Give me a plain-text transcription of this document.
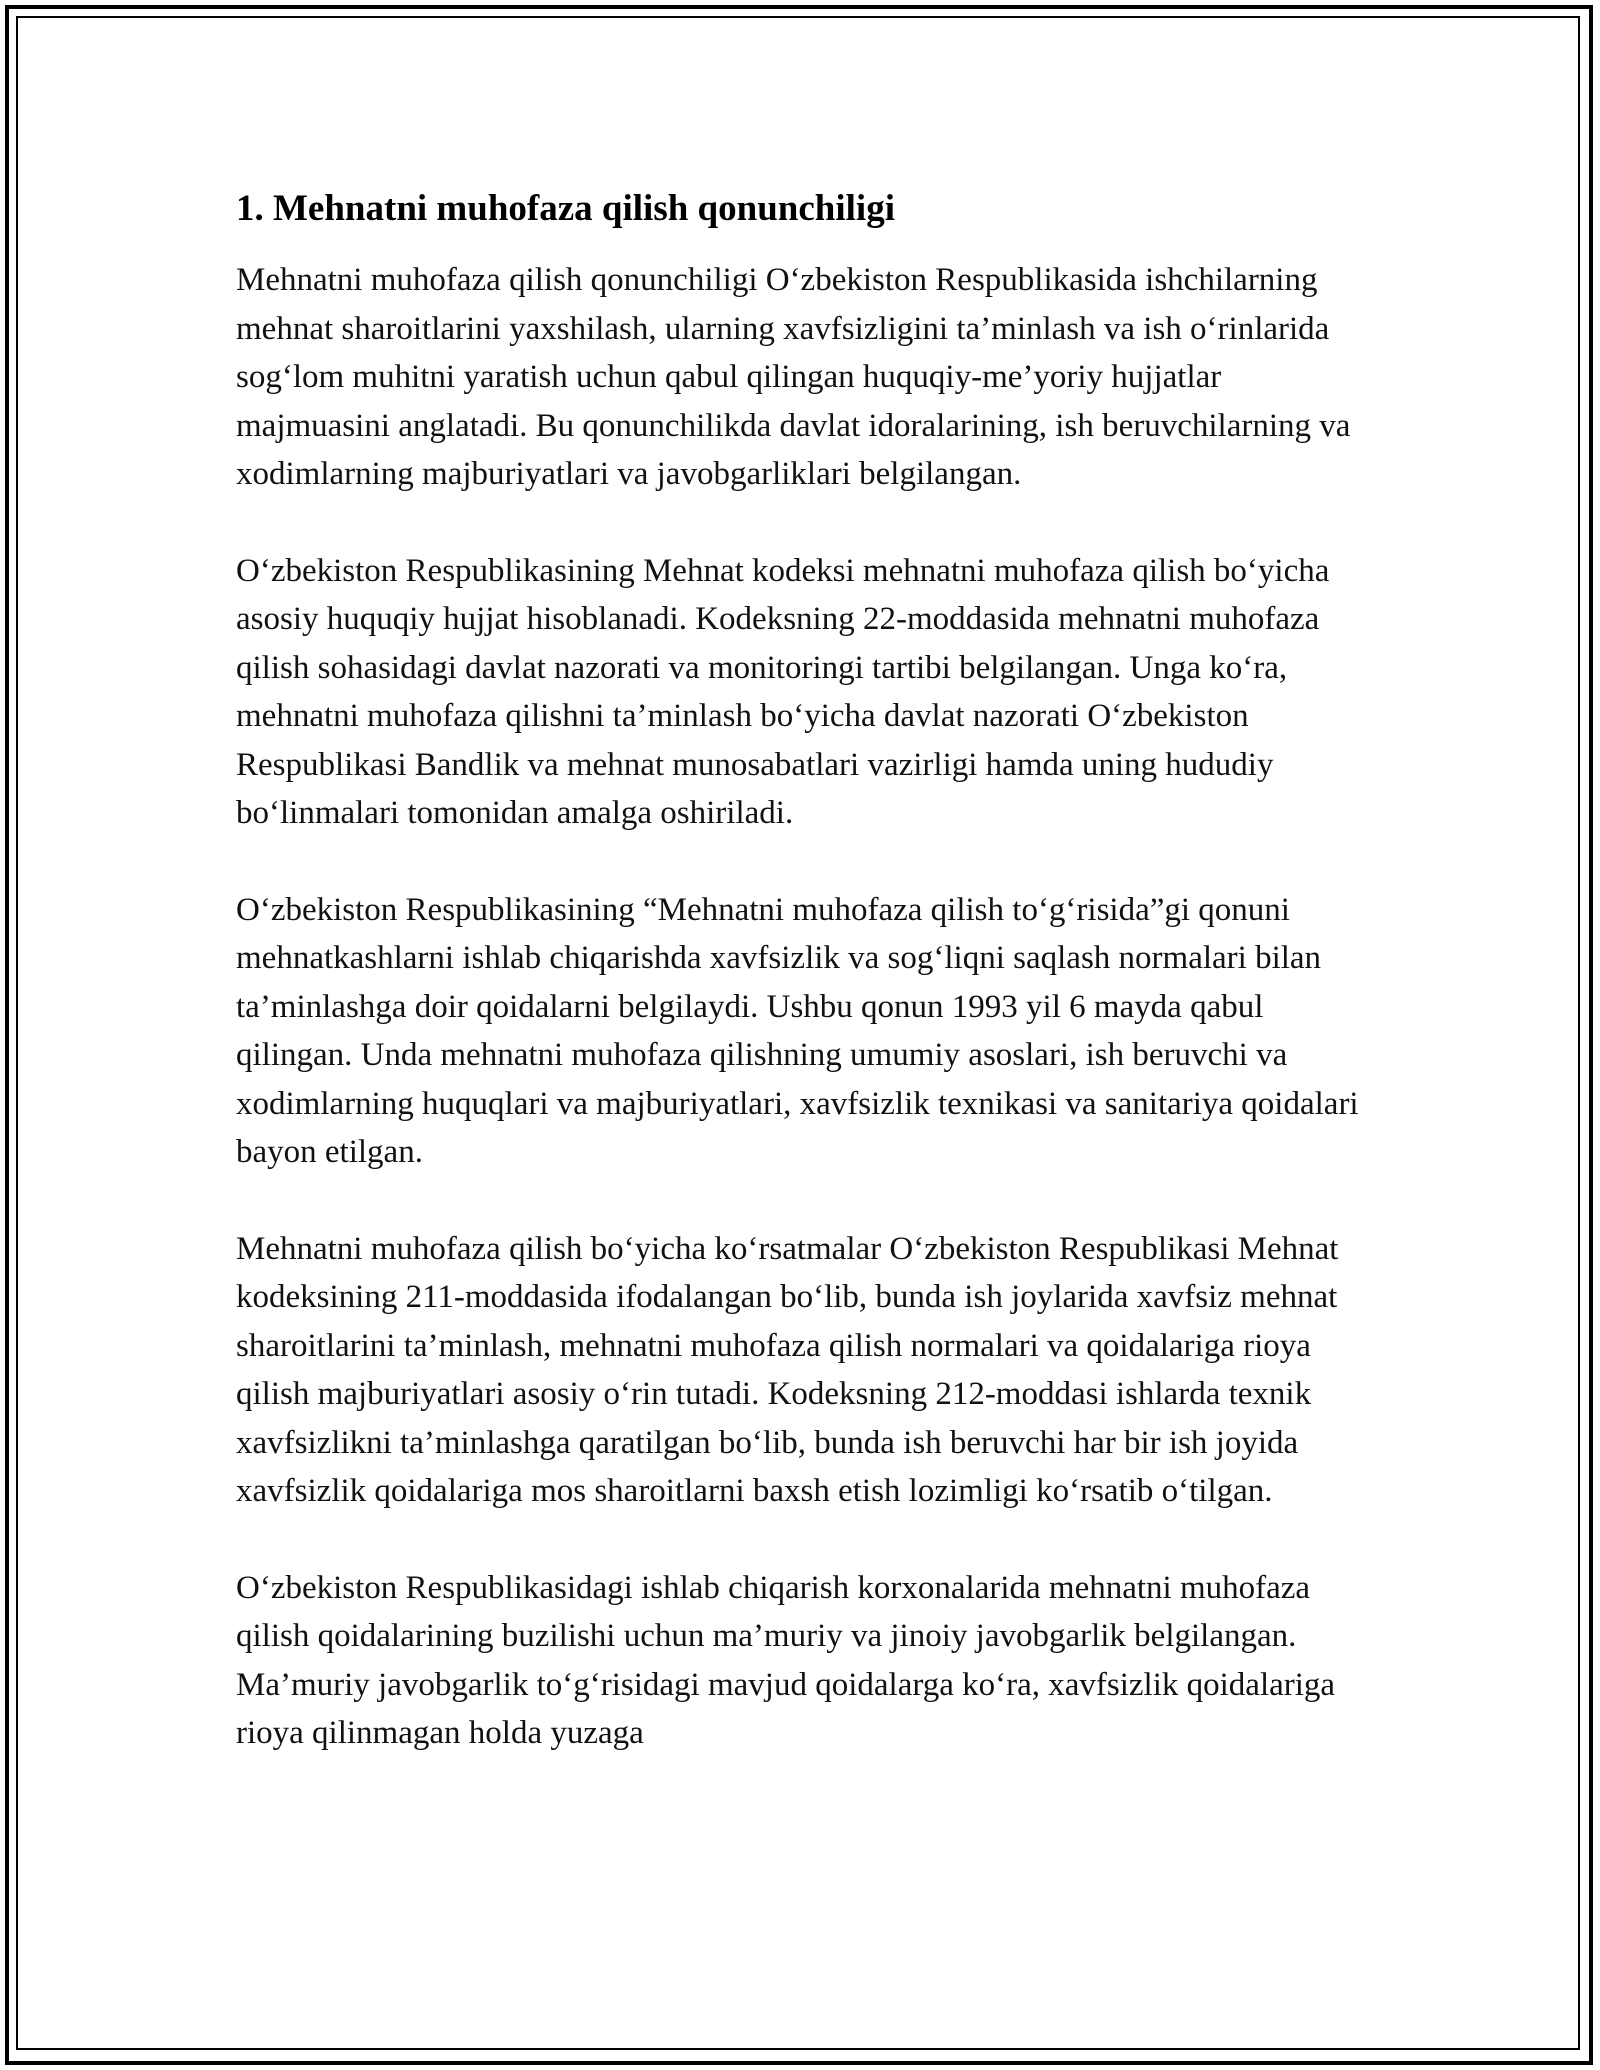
1. Mehnatni muhofaza qilish qonunchiligi

Mehnatni muhofaza qilish qonunchiligi O‘zbekiston Respublikasida ishchilarning mehnat sharoitlarini yaxshilash, ularning xavfsizligini ta’minlash va ish o‘rinlarida sog‘lom muhitni yaratish uchun qabul qilingan huquqiy-me’yoriy hujjatlar majmuasini anglatadi. Bu qonunchilikda davlat idoralarining, ish beruvchilarning va xodimlarning majburiyatlari va javobgarliklari belgilangan.

O‘zbekiston Respublikasining Mehnat kodeksi mehnatni muhofaza qilish bo‘yicha asosiy huquqiy hujjat hisoblanadi. Kodeksning 22-moddasida mehnatni muhofaza qilish sohasidagi davlat nazorati va monitoringi tartibi belgilangan. Unga ko‘ra, mehnatni muhofaza qilishni ta’minlash bo‘yicha davlat nazorati O‘zbekiston Respublikasi Bandlik va mehnat munosabatlari vazirligi hamda uning hududiy bo‘linmalari tomonidan amalga oshiriladi.

O‘zbekiston Respublikasining “Mehnatni muhofaza qilish to‘g‘risida”gi qonuni mehnatkashlarni ishlab chiqarishda xavfsizlik va sog‘liqni saqlash normalari bilan ta’minlashga doir qoidalarni belgilaydi. Ushbu qonun 1993 yil 6 mayda qabul qilingan. Unda mehnatni muhofaza qilishning umumiy asoslari, ish beruvchi va xodimlarning huquqlari va majburiyatlari, xavfsizlik texnikasi va sanitariya qoidalari bayon etilgan.

Mehnatni muhofaza qilish bo‘yicha ko‘rsatmalar O‘zbekiston Respublikasi Mehnat kodeksining 211-moddasida ifodalangan bo‘lib, bunda ish joylarida xavfsiz mehnat sharoitlarini ta’minlash, mehnatni muhofaza qilish normalari va qoidalariga rioya qilish majburiyatlari asosiy o‘rin tutadi. Kodeksning 212-moddasi ishlarda texnik xavfsizlikni ta’minlashga qaratilgan bo‘lib, bunda ish beruvchi har bir ish joyida xavfsizlik qoidalariga mos sharoitlarni baxsh etish lozimligi ko‘rsatib o‘tilgan.

O‘zbekiston Respublikasidagi ishlab chiqarish korxonalarida mehnatni muhofaza qilish qoidalarining buzilishi uchun ma’muriy va jinoiy javobgarlik belgilangan. Ma’muriy javobgarlik to‘g‘risidagi mavjud qoidalarga ko‘ra, xavfsizlik qoidalariga rioya qilinmagan holda yuzaga
